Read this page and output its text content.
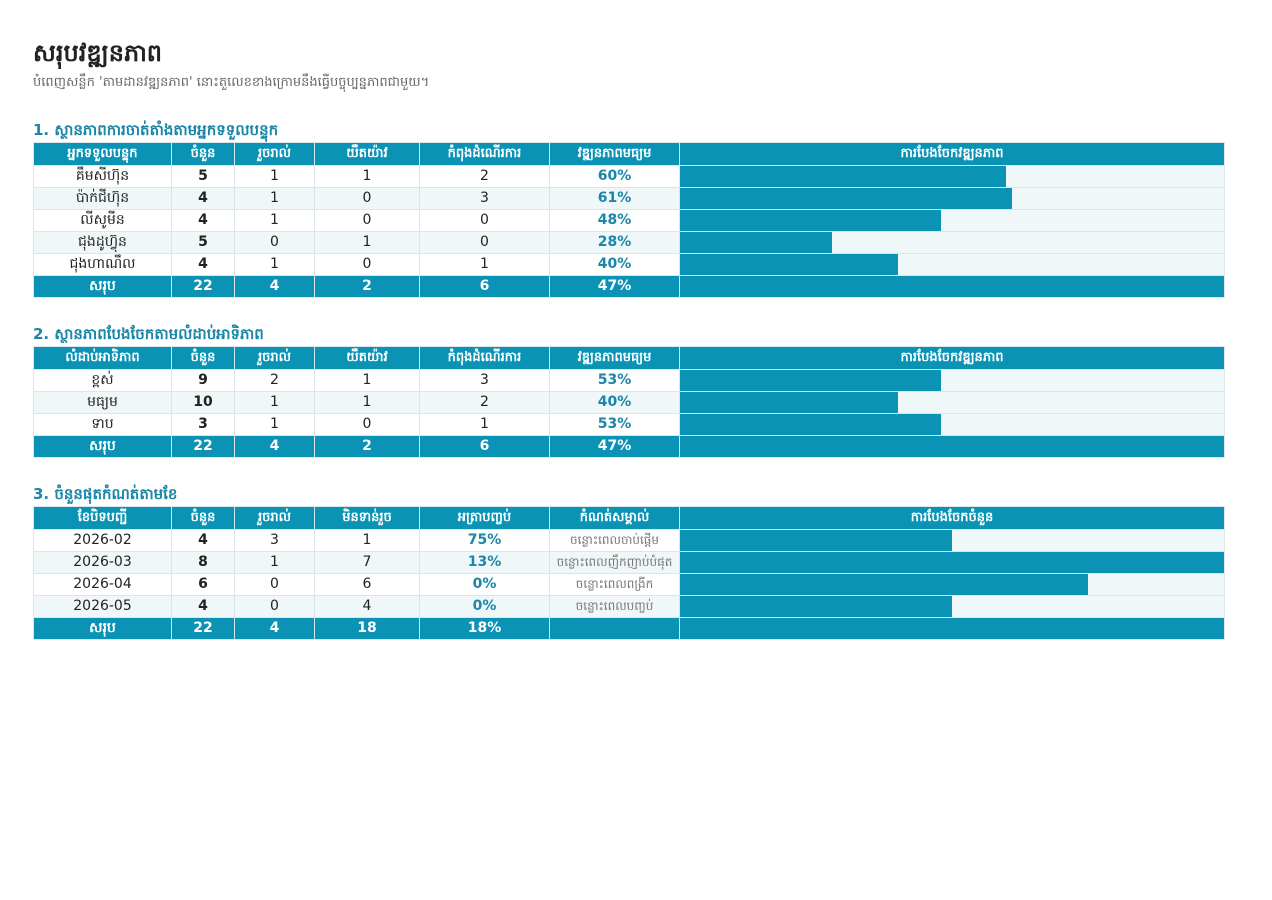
សរុបវឌ្ឍនភាព
បំពេញសន្លឹក 'តាមដានវឌ្ឍនភាព' នោះតួលេខខាងក្រោមនឹងធ្វើបច្ចុប្បន្នភាពជាមួយ។
1. ស្ថានភាពការចាត់តាំងតាមអ្នកទទួលបន្ទុក
អ្នកទទួលបន្ទុក	ចំនួន	រួចរាល់	យឺតយ៉ាវ	កំពុងដំណើរការ	វឌ្ឍនភាពមធ្យម	ការបែងចែកវឌ្ឍនភាព
គឹមសីហ៊ុន	5	1	1	2	60%	

ប៉ាក់ជីហ៊ុន	4	1	0	3	61%	

លីសូមីន	4	1	0	0	48%	

ជុងដូហ៊្វុន	5	0	1	0	28%	

ជុងហាណឹល	4	1	0	1	40%	

សរុប	22	4	2	6	47%	
2. ស្ថានភាពបែងចែកតាមលំដាប់អាទិភាព
លំដាប់អាទិភាព	ចំនួន	រួចរាល់	យឺតយ៉ាវ	កំពុងដំណើរការ	វឌ្ឍនភាពមធ្យម	ការបែងចែកវឌ្ឍនភាព
ខ្ពស់	9	2	1	3	53%	

មធ្យម	10	1	1	2	40%	

ទាប	3	1	0	1	53%	

សរុប	22	4	2	6	47%	
3. ចំនួនផុតកំណត់តាមខែ
ខែបិទបញ្ជី	ចំនួន	រួចរាល់	មិនទាន់រួច	អត្រាបញ្ចប់	កំណត់សម្គាល់	ការបែងចែកចំនួន
2026-02	4	3	1	75%	ចន្លោះពេលចាប់ផ្តើម	

2026-03	8	1	7	13%	ចន្លោះពេលញឹកញាប់បំផុត	

2026-04	6	0	6	0%	ចន្លោះពេលពង្រីក	

2026-05	4	0	4	0%	ចន្លោះពេលបញ្ចប់	

សរុប	22	4	18	18%		
